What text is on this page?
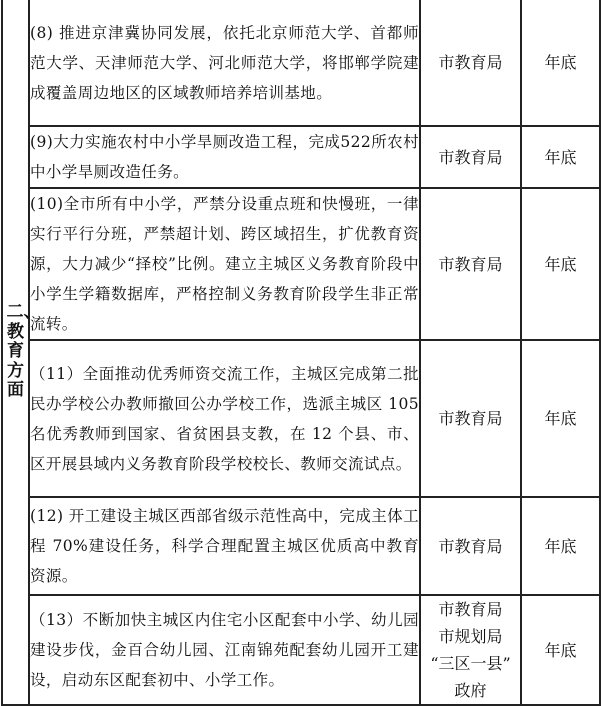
二、教育方面	(8) 推进京津冀协同发展，依托北京师范大学、首都师范大学、天津师范大学、河北师范大学，将邯郸学院建成覆盖周边地区的区域教师培养培训基地。	市教育局	年底
	(9)大力实施农村中小学旱厕改造工程，完成522所农村中小学旱厕改造任务。	市教育局	年底
	(10)全市所有中小学，严禁分设重点班和快慢班，一律实行平行分班，严禁超计划、跨区域招生，扩优教育资源，大力减少“择校”比例。建立主城区义务教育阶段中小学生学籍数据库，严格控制义务教育阶段学生非正常流转。	市教育局	年底
	（11）全面推动优秀师资交流工作，主城区完成第二批民办学校公办教师撤回公办学校工作，选派主城区 105 名优秀教师到国家、省贫困县支教，在 12 个县、市、区开展县域内义务教育阶段学校校长、教师交流试点。	市教育局	年底
	(12) 开工建设主城区西部省级示范性高中，完成主体工程 70%建设任务，科学合理配置主城区优质高中教育资源。	市教育局	年底
	（13）不断加快主城区内住宅小区配套中小学、幼儿园建设步伐，金百合幼儿园、江南锦苑配套幼儿园开工建设，启动东区配套初中、小学工作。	市教育局
市规划局
“三区一县”
政府	年底
